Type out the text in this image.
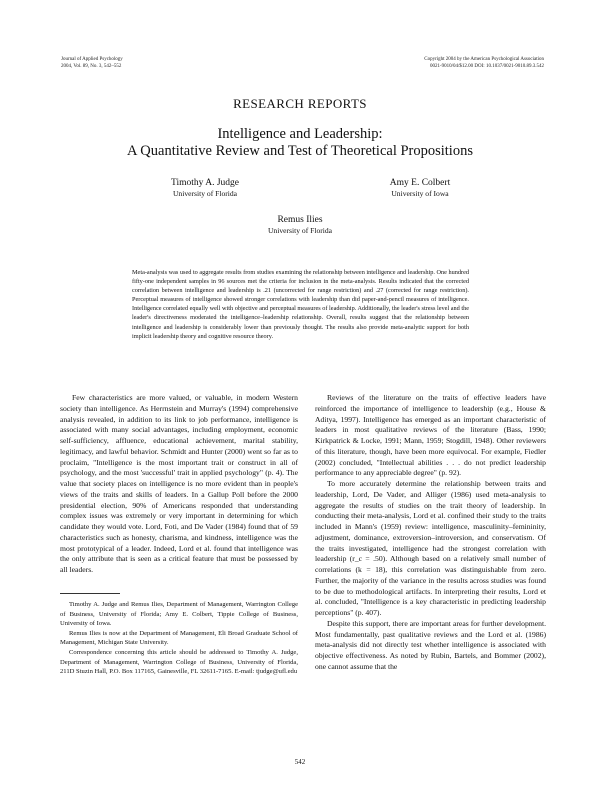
Journal of Applied Psychology
2004, Vol. 89, No. 3, 542–552
Copyright 2004 by the American Psychological Association
0021-9010/04/$12.00 DOI: 10.1037/0021-9010.89.3.542
RESEARCH REPORTS
Intelligence and Leadership:
A Quantitative Review and Test of Theoretical Propositions
Timothy A. Judge
University of Florida
Amy E. Colbert
University of Iowa
Remus Ilies
University of Florida
Meta-analysis was used to aggregate results from studies examining the relationship between intelligence and leadership. One hundred fifty-one independent samples in 96 sources met the criteria for inclusion in the meta-analysis. Results indicated that the corrected correlation between intelligence and leadership is .21 (uncorrected for range restriction) and .27 (corrected for range restriction). Perceptual measures of intelligence showed stronger correlations with leadership than did paper-and-pencil measures of intelligence. Intelligence correlated equally well with objective and perceptual measures of leadership. Additionally, the leader's stress level and the leader's directiveness moderated the intelligence–leadership relationship. Overall, results suggest that the relationship between intelligence and leadership is considerably lower than previously thought. The results also provide meta-analytic support for both implicit leadership theory and cognitive resource theory.

Few characteristics are more valued, or valuable, in modern Western society than intelligence. As Herrnstein and Murray's (1994) comprehensive analysis revealed, in addition to its link to job performance, intelligence is associated with many social advantages, including employment, economic self-sufficiency, affluence, educational achievement, marital stability, legitimacy, and lawful behavior. Schmidt and Hunter (2000) went so far as to proclaim, "Intelligence is the most important trait or construct in all of psychology, and the most 'successful' trait in applied psychology" (p. 4). The value that society places on intelligence is no more evident than in people's views of the traits and skills of leaders. In a Gallup Poll before the 2000 presidential election, 90% of Americans responded that understanding complex issues was extremely or very important in determining for which candidate they would vote. Lord, Foti, and De Vader (1984) found that of 59 characteristics such as honesty, charisma, and kindness, intelligence was the most prototypical of a leader. Indeed, Lord et al. found that intelligence was the only attribute that is seen as a critical feature that must be possessed by all leaders.

Timothy A. Judge and Remus Ilies, Department of Management, Warrington College of Business, University of Florida; Amy E. Colbert, Tippie College of Business, University of Iowa.

Remus Ilies is now at the Department of Management, Eli Broad Graduate School of Management, Michigan State University.

Correspondence concerning this article should be addressed to Timothy A. Judge, Department of Management, Warrington College of Business, University of Florida, 211D Stuzin Hall, P.O. Box 117165, Gainesville, FL 32611-7165. E-mail: tjudge@ufl.edu

Reviews of the literature on the traits of effective leaders have reinforced the importance of intelligence to leadership (e.g., House & Aditya, 1997). Intelligence has emerged as an important characteristic of leaders in most qualitative reviews of the literature (Bass, 1990; Kirkpatrick & Locke, 1991; Mann, 1959; Stogdill, 1948). Other reviewers of this literature, though, have been more equivocal. For example, Fiedler (2002) concluded, "Intellectual abilities . . . do not predict leadership performance to any appreciable degree" (p. 92).

To more accurately determine the relationship between traits and leadership, Lord, De Vader, and Alliger (1986) used meta-analysis to aggregate the results of studies on the trait theory of leadership. In conducting their meta-analysis, Lord et al. confined their study to the traits included in Mann's (1959) review: intelligence, masculinity–femininity, adjustment, dominance, extroversion–introversion, and conservatism. Of the traits investigated, intelligence had the strongest correlation with leadership (r_c = .50). Although based on a relatively small number of correlations (k = 18), this correlation was distinguishable from zero. Further, the majority of the variance in the results across studies was found to be due to methodological artifacts. In interpreting their results, Lord et al. concluded, "Intelligence is a key characteristic in predicting leadership perceptions" (p. 407).

Despite this support, there are important areas for further development. Most fundamentally, past qualitative reviews and the Lord et al. (1986) meta-analysis did not directly test whether intelligence is associated with objective effectiveness. As noted by Rubin, Bartels, and Bommer (2002), one cannot assume that the

542
